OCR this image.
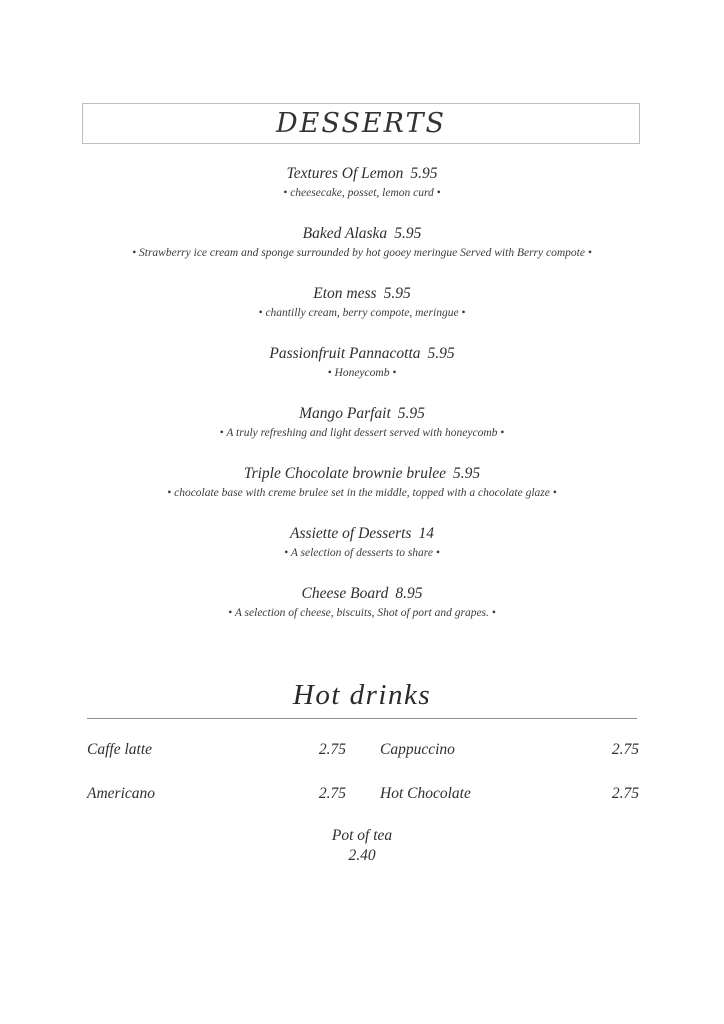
DESSERTS
Textures Of Lemon 5.95
• cheesecake, posset, lemon curd •
Baked Alaska 5.95
• Strawberry ice cream and sponge surrounded by hot gooey meringue Served with Berry compote •
Eton mess 5.95
• chantilly cream, berry compote, meringue •
Passionfruit Pannacotta 5.95
• Honeycomb •
Mango Parfait 5.95
• A truly refreshing and light dessert served with honeycomb •
Triple Chocolate brownie brulee 5.95
• chocolate base with creme brulee set in the middle, topped with a chocolate glaze •
Assiette of Desserts 14
• A selection of desserts to share •
Cheese Board 8.95
• A selection of cheese, biscuits, Shot of port and grapes. •
Hot drinks
Caffe latte	2.75 Cappuccino	2.75
Americano	2.75 Hot Chocolate	2.75
Pot of tea
2.40
